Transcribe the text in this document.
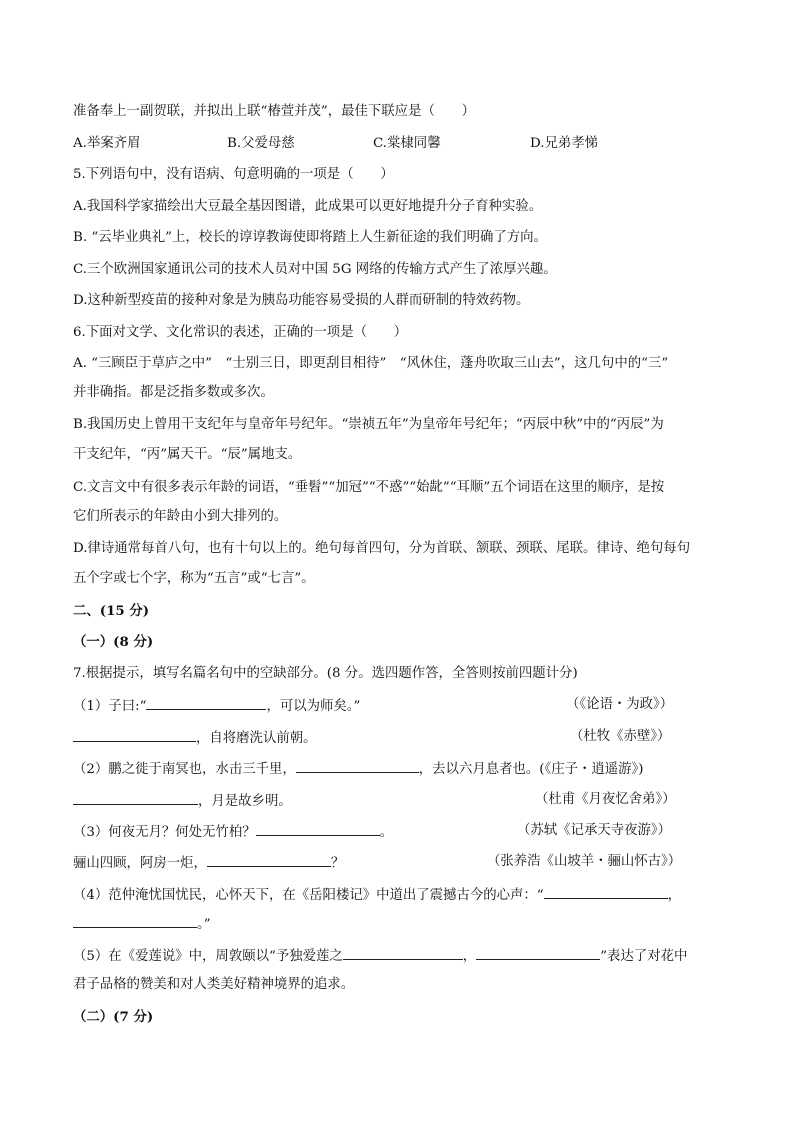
准备奉上一副贺联，并拟出上联“椿萱并茂”，最佳下联应是（　　）
A.举案齐眉	B.父爱母慈	C.棠棣同馨	D.兄弟孝悌
5.下列语句中，没有语病、句意明确的一项是（　　）
A.我国科学家描绘出大豆最全基因图谱，此成果可以更好地提升分子育种实验。
B. “云毕业典礼”上，校长的谆谆教诲使即将踏上人生新征途的我们明确了方向。
C.三个欧洲国家通讯公司的技术人员对中国 5G 网络的传输方式产生了浓厚兴趣。
D.这种新型疫苗的接种对象是为胰岛功能容易受损的人群而研制的特效药物。
6.下面对文学、文化常识的表述，正确的一项是（　　）
A. “三顾臣于草庐之中”　“士别三日，即更刮目相待”　“风休住，蓬舟吹取三山去”，这几句中的“三”
并非确指。都是泛指多数或多次。
B.我国历史上曾用干支纪年与皇帝年号纪年。“崇祯五年”为皇帝年号纪年；“丙辰中秋”中的“丙辰”为
干支纪年，“丙”属天干。“辰”属地支。
C.文言文中有很多表示年龄的词语，“垂髫”“加冠”“不惑”“始龀”“耳顺”五个词语在这里的顺序，是按
它们所表示的年龄由小到大排列的。
D.律诗通常每首八句，也有十句以上的。绝句每首四句，分为首联、颔联、颈联、尾联。律诗、绝句每句
五个字或七个字，称为“五言”或“七言”。
二、(15 分)
（一）(8 分)
7.根据提示，填写名篇名句中的空缺部分。(8 分。选四题作答，全答则按前四题计分)
（1）子曰:“	，可以为师矣。”	（《论语・为政》）
，自将磨洗认前朝。	（杜牧《赤壁》）
（2）鹏之徙于南冥也，水击三千里，	，去以六月息者也。(《庄子・逍遥游》)
，月是故乡明。	（杜甫《月夜忆舍弟》）
（3）何夜无月？何处无竹柏？	。	（苏轼《记承天寺夜游》）
骊山四顾，阿房一炬，	？	（张养浩《山坡羊・骊山怀古》）
（4）范仲淹忧国忧民，心怀天下，在《岳阳楼记》中道出了震撼古今的心声：“	，
。”
（5）在《爱莲说》中，周敦颐以“予独爱莲之	，	”表达了对花中
君子品格的赞美和对人类美好精神境界的追求。
（二）(7 分)
